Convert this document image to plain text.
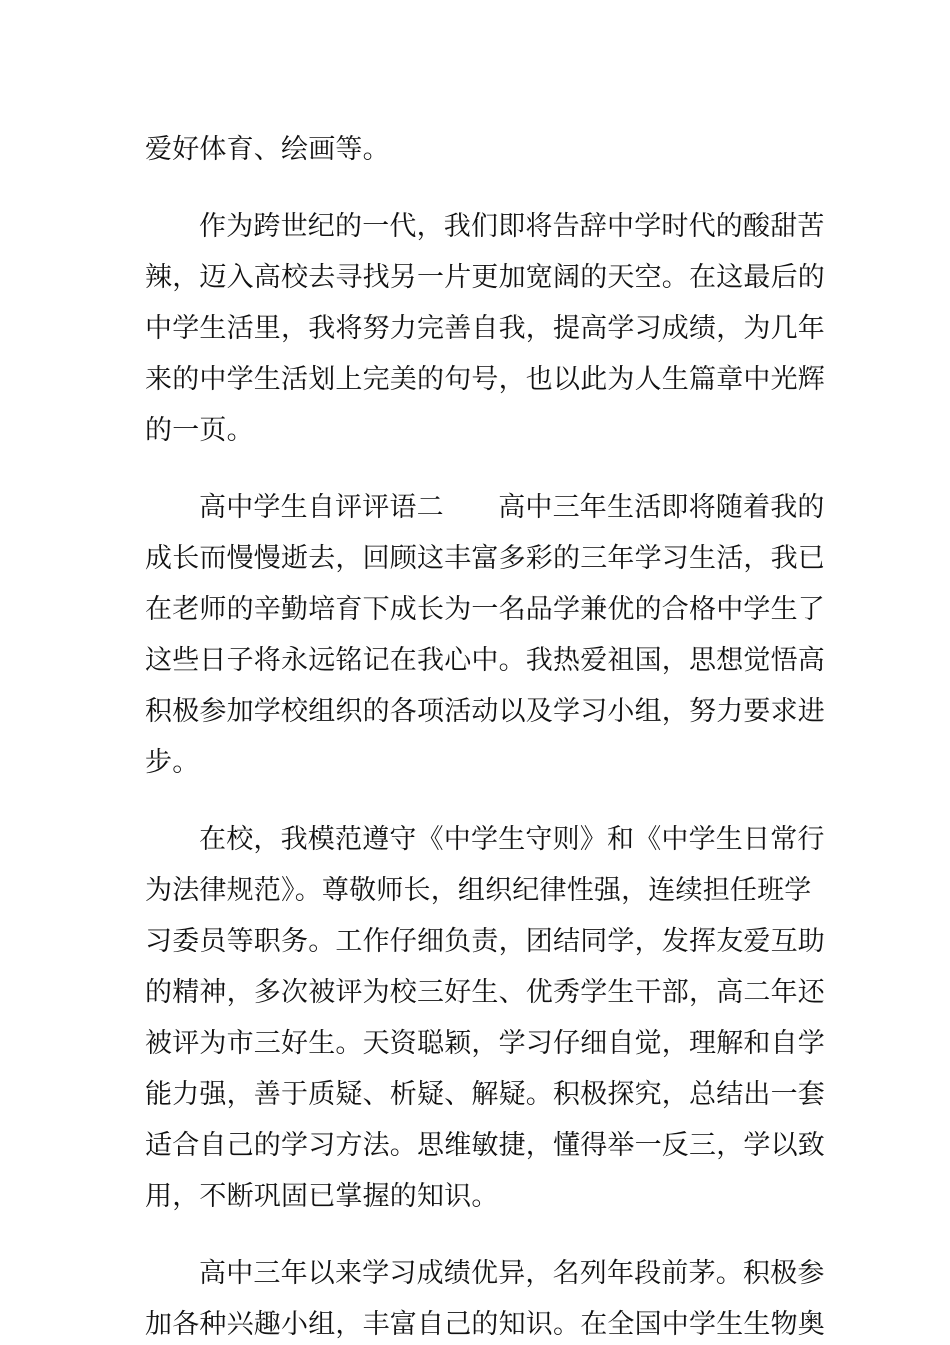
爱好体育、绘画等。
作为跨世纪的一代，我们即将告辞中学时代的酸甜苦
辣，迈入高校去寻找另一片更加宽阔的天空。在这最后的
中学生活里，我将努力完善自我，提高学习成绩，为几年
来的中学生活划上完美的句号，也以此为人生篇章中光辉
的一页。
高中学生自评评语二　　高中三年生活即将随着我的
成长而慢慢逝去，回顾这丰富多彩的三年学习生活，我已
在老师的辛勤培育下成长为一名品学兼优的合格中学生了
这些日子将永远铭记在我心中。我热爱祖国，思想觉悟高
积极参加学校组织的各项活动以及学习小组，努力要求进
步。
在校，我模范遵守《中学生守则》和《中学生日常行
为法律规范》。尊敬师长，组织纪律性强，连续担任班学
习委员等职务。工作仔细负责，团结同学，发挥友爱互助
的精神，多次被评为校三好生、优秀学生干部，高二年还
被评为市三好生。天资聪颖，学习仔细自觉，理解和自学
能力强，善于质疑、析疑、解疑。积极探究，总结出一套
适合自己的学习方法。思维敏捷，懂得举一反三，学以致
用，不断巩固已掌握的知识。
高中三年以来学习成绩优异，名列年段前茅。积极参
加各种兴趣小组，丰富自己的知识。在全国中学生生物奥
